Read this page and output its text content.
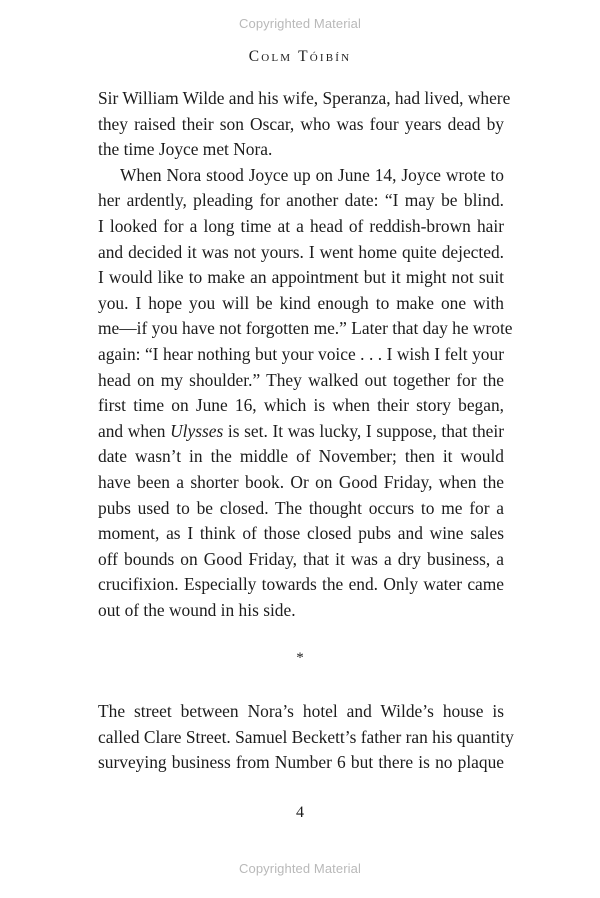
Copyrighted Material
Colm Tóibín

Sir William Wilde and his wife, Speranza, had lived, where
they raised their son Oscar, who was four years dead by
the time Joyce met Nora.

When Nora stood Joyce up on June 14, Joyce wrote to
her ardently, pleading for another date: “I may be blind.
I looked for a long time at a head of reddish-brown hair
and decided it was not yours. I went home quite dejected.
I would like to make an appointment but it might not suit
you. I hope you will be kind enough to make one with
me—if you have not forgotten me.” Later that day he wrote
again: “I hear nothing but your voice . . . I wish I felt your
head on my shoulder.” They walked out together for the
first time on June 16, which is when their story began,
and when Ulysses is set. It was lucky, I suppose, that their
date wasn’t in the middle of November; then it would
have been a shorter book. Or on Good Friday, when the
pubs used to be closed. The thought occurs to me for a
moment, as I think of those closed pubs and wine sales
off bounds on Good Friday, that it was a dry business, a
crucifixion. Especially towards the end. Only water came
out of the wound in his side.

*

The street between Nora’s hotel and Wilde’s house is
called Clare Street. Samuel Beckett’s father ran his quantity
surveying business from Number 6 but there is no plaque

4
Copyrighted Material
